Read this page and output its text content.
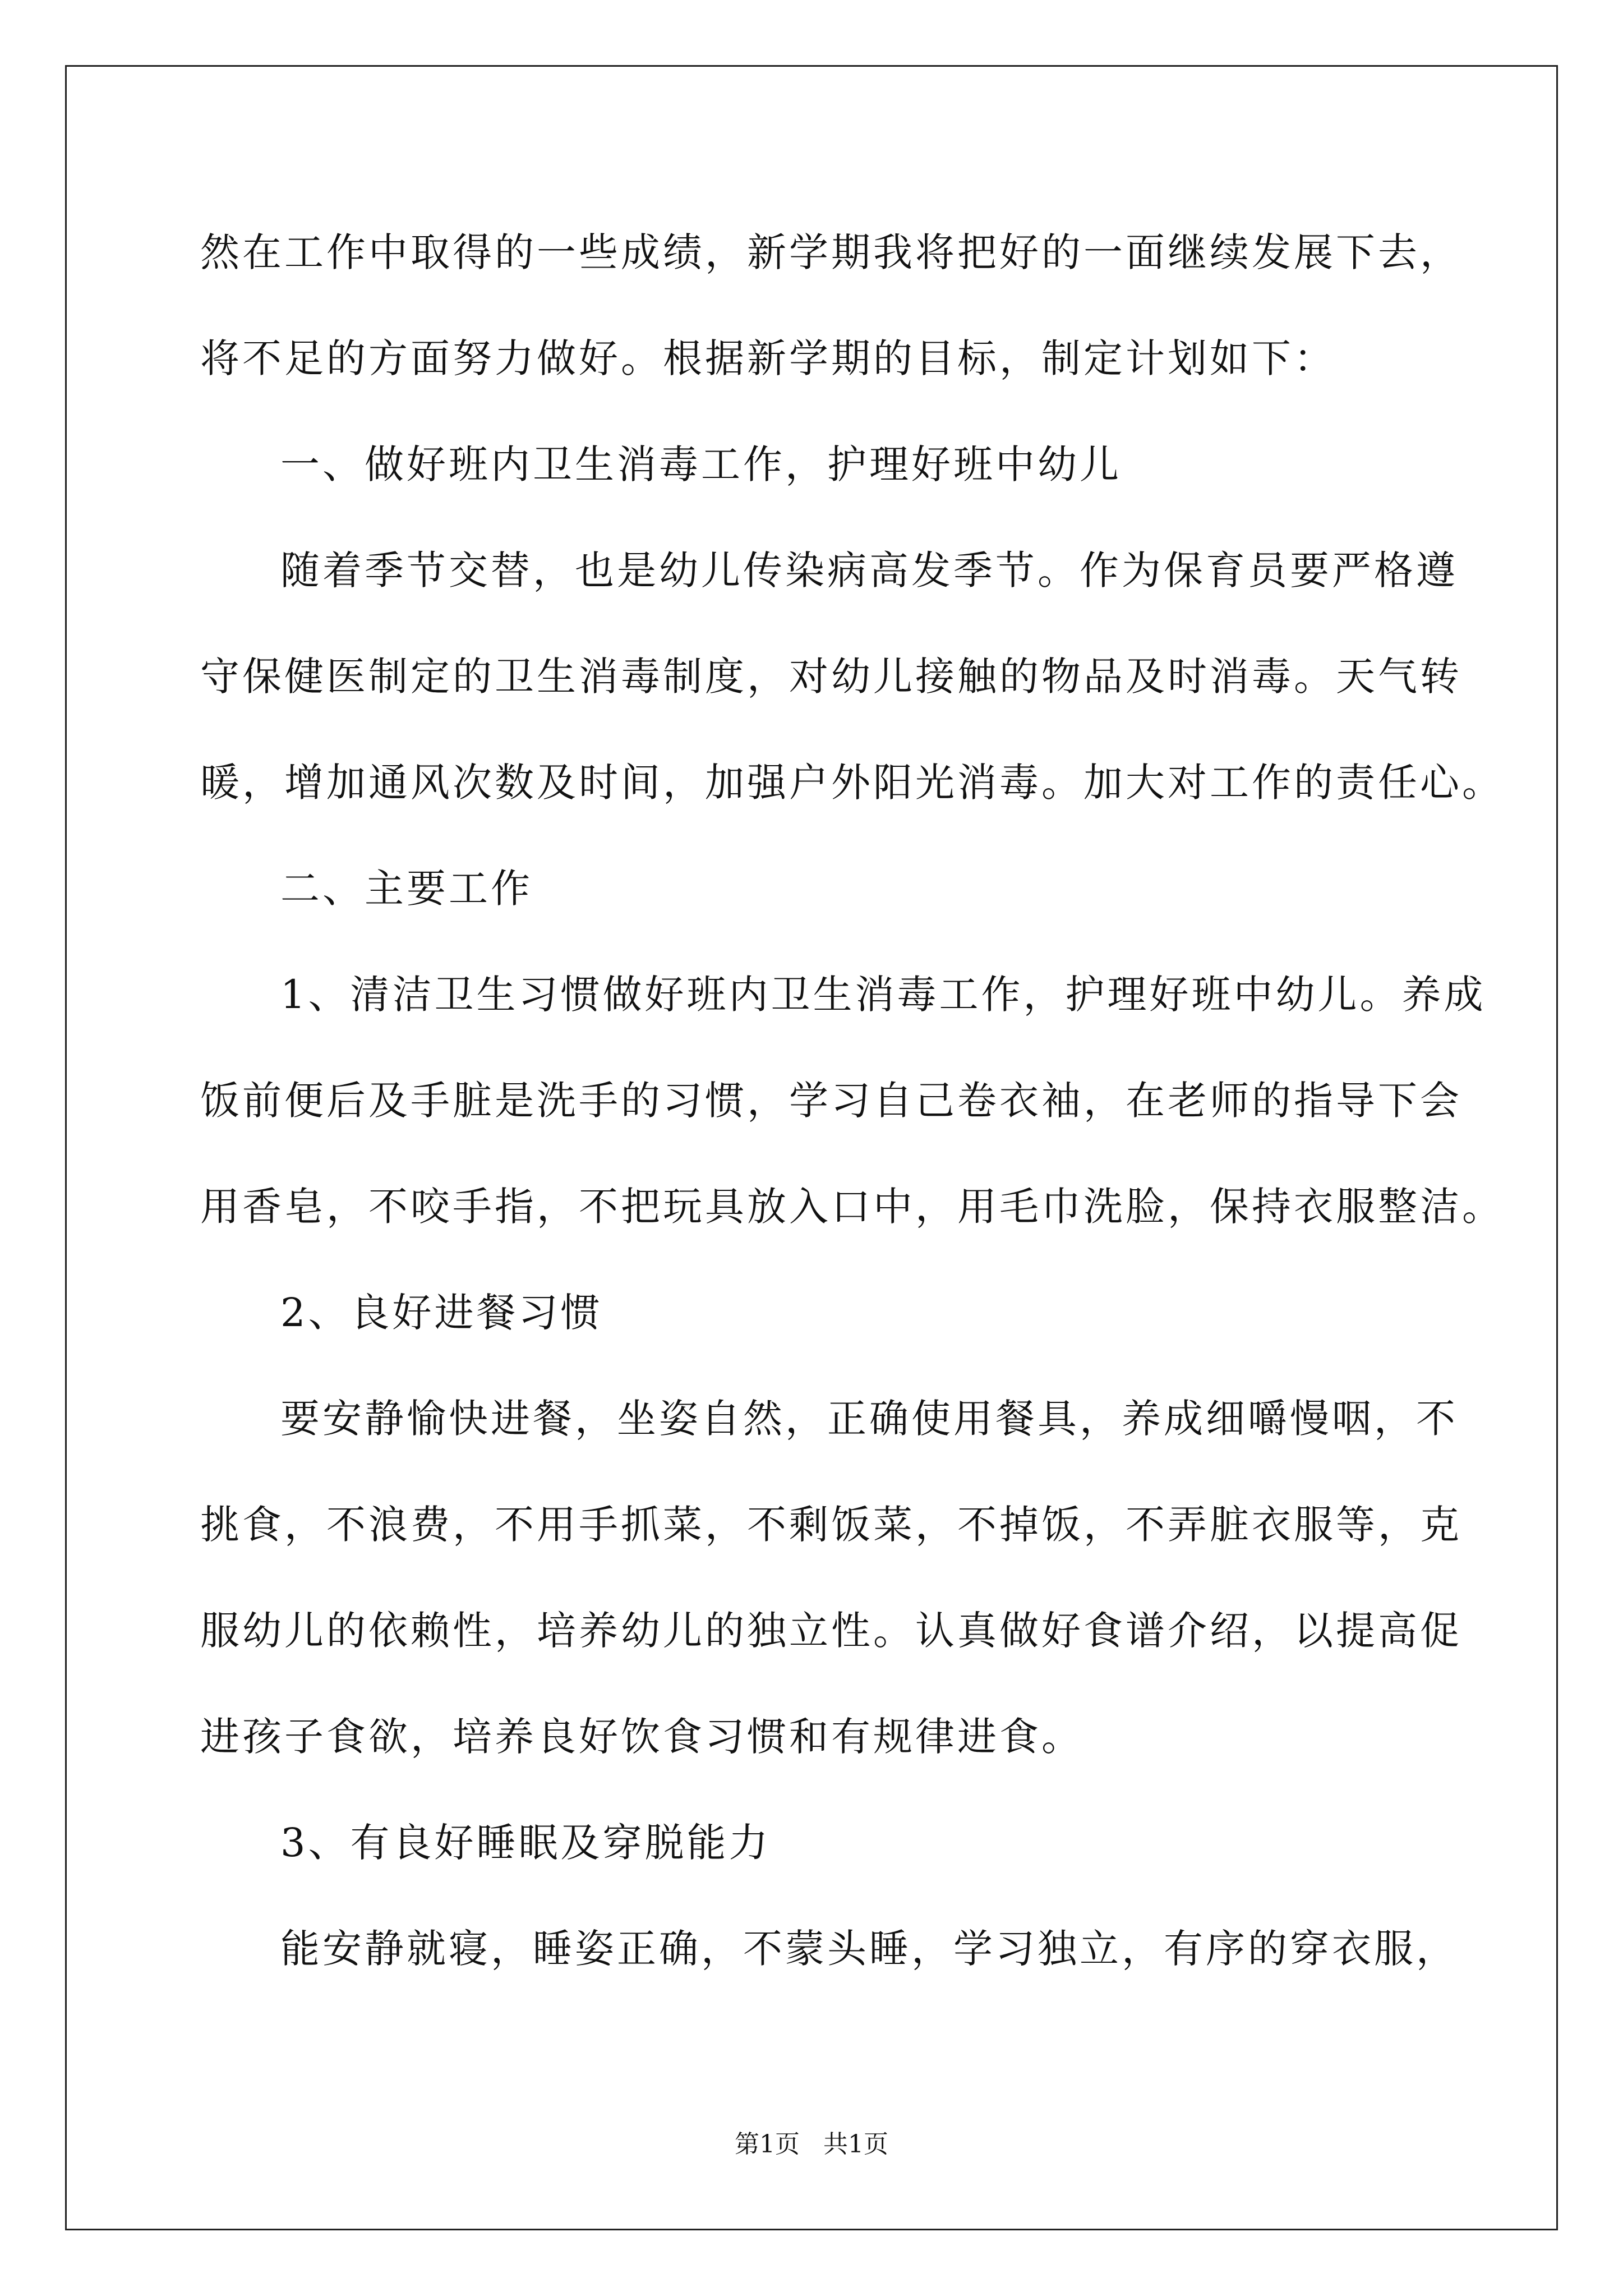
然在工作中取得的一些成绩，新学期我将把好的一面继续发展下去，
将不足的方面努力做好。根据新学期的目标，制定计划如下：
一、做好班内卫生消毒工作，护理好班中幼儿
随着季节交替，也是幼儿传染病高发季节。作为保育员要严格遵
守保健医制定的卫生消毒制度，对幼儿接触的物品及时消毒。天气转
暖，增加通风次数及时间，加强户外阳光消毒。加大对工作的责任心。
二、主要工作
1、清洁卫生习惯做好班内卫生消毒工作，护理好班中幼儿。养成
饭前便后及手脏是洗手的习惯，学习自己卷衣袖，在老师的指导下会
用香皂，不咬手指，不把玩具放入口中，用毛巾洗脸，保持衣服整洁。
2、良好进餐习惯
要安静愉快进餐，坐姿自然，正确使用餐具，养成细嚼慢咽，不
挑食，不浪费，不用手抓菜，不剩饭菜，不掉饭，不弄脏衣服等，克
服幼儿的依赖性，培养幼儿的独立性。认真做好食谱介绍，以提高促
进孩子食欲，培养良好饮食习惯和有规律进食。
3、有良好睡眠及穿脱能力
能安静就寝，睡姿正确，不蒙头睡，学习独立，有序的穿衣服，
第1页   共1页
